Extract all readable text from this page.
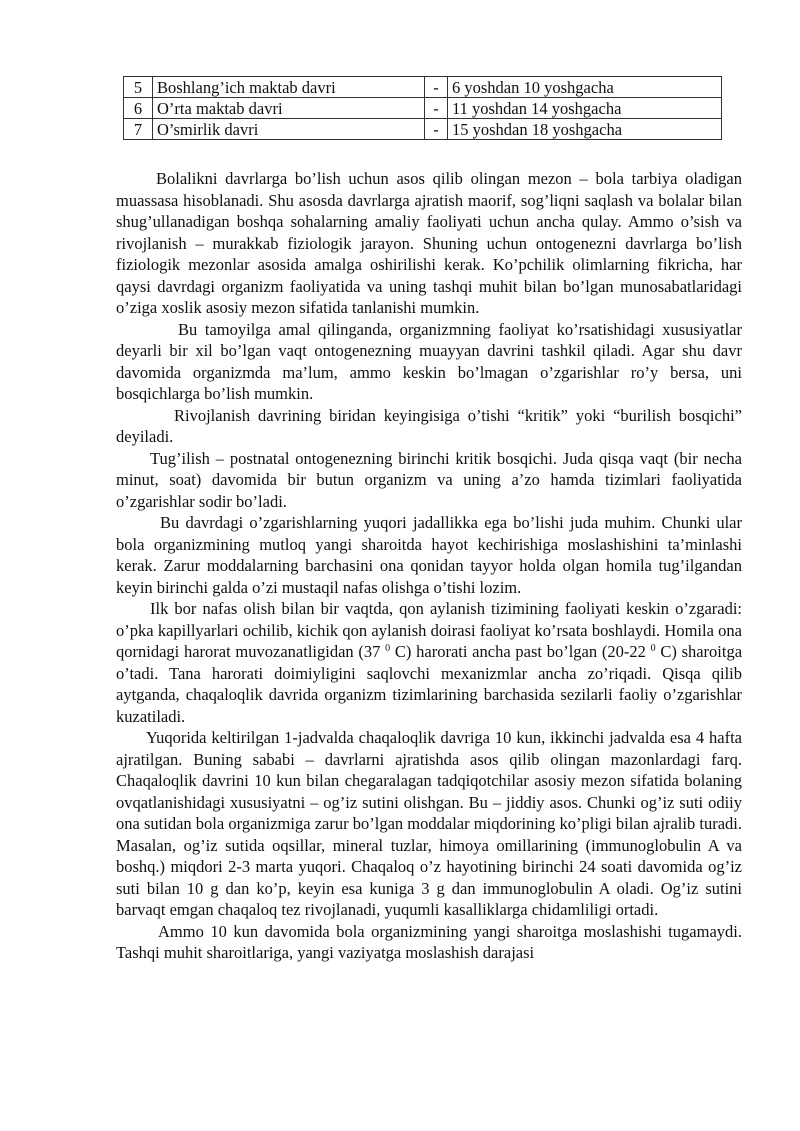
5	Boshlang’ich maktab davri	-	6 yoshdan 10 yoshgacha
6	O’rta maktab davri	-	11 yoshdan 14 yoshgacha
7	O’smirlik davri	-	15 yoshdan 18 yoshgacha

Bolalikni davrlarga bo’lish uchun asos qilib olingan mezon – bola tarbiya oladigan muassasa hisoblanadi. Shu asosda davrlarga ajratish maorif, sog’liqni saqlash va bolalar bilan shug’ullanadigan boshqa sohalarning amaliy faoliyati uchun ancha qulay. Ammo o’sish va rivojlanish – murakkab fiziologik jarayon. Shuning uchun ontogenezni davrlarga bo’lish fiziologik mezonlar asosida amalga oshirilishi kerak. Ko’pchilik olimlarning fikricha, har qaysi davrdagi organizm faoliyatida va uning tashqi muhit bilan bo’lgan munosabatlaridagi o’ziga xoslik asosiy mezon sifatida tanlanishi mumkin.

Bu tamoyilga amal qilinganda, organizmning faoliyat ko’rsatishidagi xususiyatlar deyarli bir xil bo’lgan vaqt ontogenezning muayyan davrini tashkil qiladi. Agar shu davr davomida organizmda ma’lum, ammo keskin bo’lmagan o’zgarishlar ro’y bersa, uni bosqichlarga bo’lish mumkin.

Rivojlanish davrining biridan keyingisiga o’tishi “kritik” yoki “burilish bosqichi” deyiladi.

Tug’ilish – postnatal ontogenezning birinchi kritik bosqichi. Juda qisqa vaqt (bir necha minut, soat) davomida bir butun organizm va uning a’zo hamda tizimlari faoliyatida o’zgarishlar sodir bo’ladi.

Bu davrdagi o’zgarishlarning yuqori jadallikka ega bo’lishi juda muhim. Chunki ular bola organizmining mutloq yangi sharoitda hayot kechirishiga moslashishini ta’minlashi kerak. Zarur moddalarning barchasini ona qonidan tayyor holda olgan homila tug’ilgandan keyin birinchi galda o’zi mustaqil nafas olishga o’tishi lozim.

Ilk bor nafas olish bilan bir vaqtda, qon aylanish tizimining faoliyati keskin o’zgaradi: o’pka kapillyarlari ochilib, kichik qon aylanish doirasi faoliyat ko’rsata boshlaydi. Homila ona qornidagi harorat muvozanatligidan (37 $^0$ C) harorati ancha past bo’lgan (20-22 $^0$ C) sharoitga o’tadi. Tana harorati doimiyligini saqlovchi mexanizmlar ancha zo’riqadi. Qisqa qilib aytganda, chaqaloqlik davrida organizm tizimlarining barchasida sezilarli faoliy o’zgarishlar kuzatiladi.

Yuqorida keltirilgan 1-jadvalda chaqaloqlik davriga 10 kun, ikkinchi jadvalda esa 4 hafta ajratilgan. Buning sababi – davrlarni ajratishda asos qilib olingan mazonlardagi farq. Chaqaloqlik davrini 10 kun bilan chegaralagan tadqiqotchilar asosiy mezon sifatida bolaning ovqatlanishidagi xususiyatni – og’iz sutini olishgan. Bu – jiddiy asos. Chunki og’iz suti odiiy ona sutidan bola organizmiga zarur bo’lgan moddalar miqdorining ko’pligi bilan ajralib turadi. Masalan, og’iz sutida oqsillar, mineral tuzlar, himoya omillarining (immunoglobulin A va boshq.) miqdori 2-3 marta yuqori. Chaqaloq o’z hayotining birinchi 24 soati davomida og’iz suti bilan 10 g dan ko’p, keyin esa kuniga 3 g dan immunoglobulin A oladi. Og’iz sutini barvaqt emgan chaqaloq tez rivojlanadi, yuqumli kasalliklarga chidamliligi ortadi.

Ammo 10 kun davomida bola organizmining yangi sharoitga moslashishi tugamaydi. Tashqi muhit sharoitlariga, yangi vaziyatga moslashish darajasi
